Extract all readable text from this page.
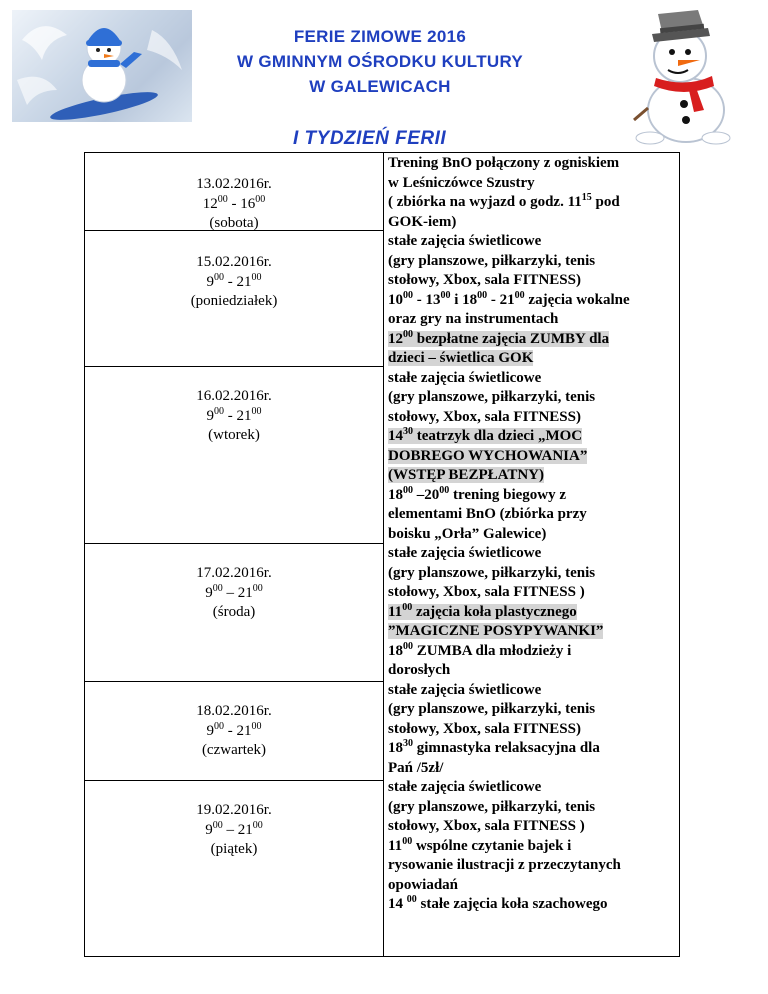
FERIE ZIMOWE 2016
W GMINNYM OŚRODKU KULTURY
W GALEWICACH
I TYDZIEŃ FERII
13.02.2016r.
$12^{00} - 16^{00}$
(sobota)
15.02.2016r.
$9^{00} - 21^{00}$
(poniedziałek)
16.02.2016r.
$9^{00} - 21^{00}$
(wtorek)
17.02.2016r.
$9^{00} - 21^{00}$
(środa)
18.02.2016r.
$9^{00} - 21^{00}$
(czwartek)
19.02.2016r.
$9^{00} - 21^{00}$
(piątek)
Trening BnO połączony z ogniskiem
w Leśniczówce Szustry
( zbiórka na wyjazd o godz. $11^{15}$ pod
GOK-iem)
stałe zajęcia świetlicowe
(gry planszowe, piłkarzyki, tenis
stołowy, Xbox, sala FITNESS)
$10^{00} - 13^{00}$ i $18^{00} - 21^{00}$ zajęcia wokalne
oraz gry na instrumentach
$12^{00}$ bezpłatne zajęcia ZUMBY dla
dzieci – świetlica GOK
stałe zajęcia świetlicowe
(gry planszowe, piłkarzyki, tenis
stołowy, Xbox, sala FITNESS)
$14^{30}$ teatrzyk dla dzieci „MOC
DOBREGO WYCHOWANIA”
(WSTĘP BEZPŁATNY)
$18^{00}$ $-20^{00}$ trening biegowy z
elementami BnO (zbiórka przy
boisku „Orła” Galewice)
stałe zajęcia świetlicowe
(gry planszowe, piłkarzyki, tenis
stołowy, Xbox, sala FITNESS )
$11^{00}$ zajęcia koła plastycznego
”MAGICZNE POSYPYWANKI”
$18^{00}$ ZUMBA dla młodzieży i
dorosłych
stałe zajęcia świetlicowe
(gry planszowe, piłkarzyki, tenis
stołowy, Xbox, sala FITNESS)
$18^{30}$ gimnastyka relaksacyjna dla
Pań /5zł/
stałe zajęcia świetlicowe
(gry planszowe, piłkarzyki, tenis
stołowy, Xbox, sala FITNESS )
$11^{00}$ wspólne czytanie bajek i
rysowanie ilustracji z przeczytanych
opowiadań
14 $^{00}$ stałe zajęcia koła szachowego
